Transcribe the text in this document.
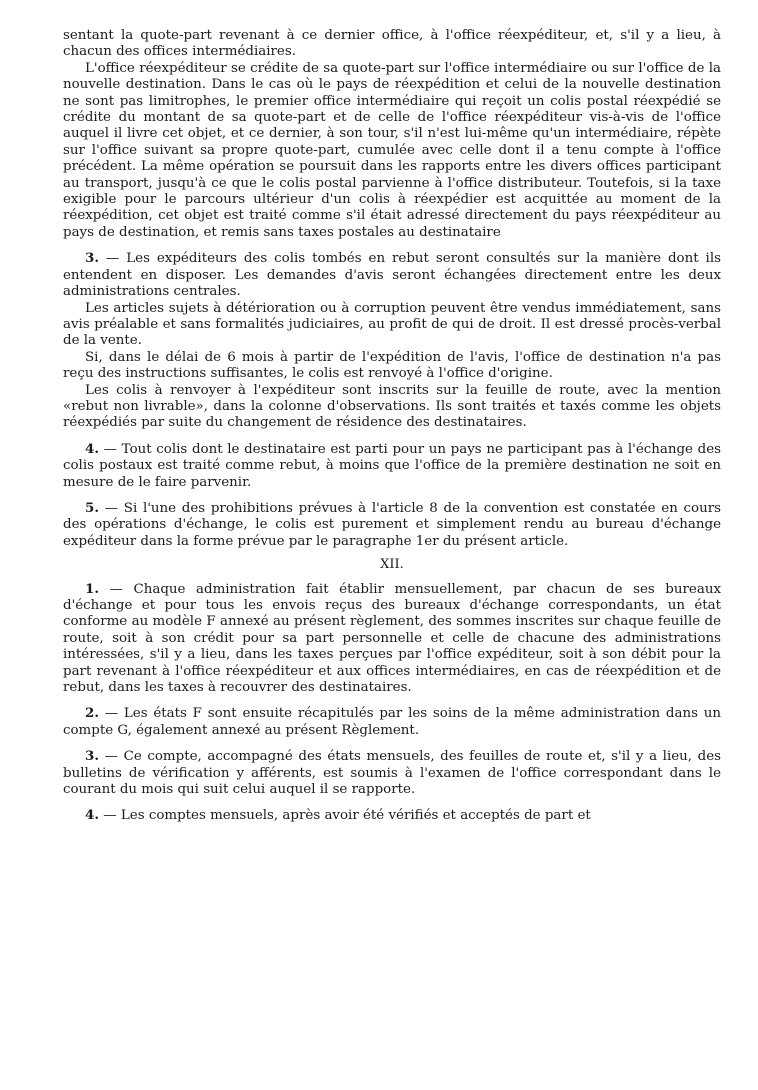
sentant la quote-part revenant à ce dernier office, à l'office réexpéditeur, et, s'il y a lieu, à chacun des offices intermédiaires.

L'office réexpéditeur se crédite de sa quote-part sur l'office intermédiaire ou sur l'office de la nouvelle destination. Dans le cas où le pays de réexpédition et celui de la nouvelle destination ne sont pas limitrophes, le premier office intermédiaire qui reçoit un colis postal réexpédié se crédite du montant de sa quote-part et de celle de l'office réexpéditeur vis-à-vis de l'office auquel il livre cet objet, et ce dernier, à son tour, s'il n'est lui-même qu'un intermédiaire, répète sur l'office suivant sa propre quote-part, cumulée avec celle dont il a tenu compte à l'office précédent. La même opération se poursuit dans les rapports entre les divers offices participant au transport, jusqu'à ce que le colis postal parvienne à l'office distributeur. Toutefois, si la taxe exigible pour le parcours ultérieur d'un colis à réexpédier est acquittée au moment de la réexpédition, cet objet est traité comme s'il était adressé directement du pays réexpéditeur au pays de destination, et remis sans taxes postales au destinataire

3. — Les expéditeurs des colis tombés en rebut seront consultés sur la manière dont ils entendent en disposer. Les demandes d'avis seront échangées directement entre les deux administrations centrales.

Les articles sujets à détérioration ou à corruption peuvent être vendus immédiatement, sans avis préalable et sans formalités judiciaires, au profit de qui de droit. Il est dressé procès-verbal de la vente.

Si, dans le délai de 6 mois à partir de l'expédition de l'avis, l'office de destination n'a pas reçu des instructions suffisantes, le colis est renvoyé à l'office d'origine.

Les colis à renvoyer à l'expéditeur sont inscrits sur la feuille de route, avec la mention «rebut non livrable», dans la colonne d'observations. Ils sont traités et taxés comme les objets réexpédiés par suite du changement de résidence des destinataires.

4. — Tout colis dont le destinataire est parti pour un pays ne participant pas à l'échange des colis postaux est traité comme rebut, à moins que l'office de la première destination ne soit en mesure de le faire parvenir.

5. — Si l'une des prohibitions prévues à l'article 8 de la convention est constatée en cours des opérations d'échange, le colis est purement et simplement rendu au bureau d'échange expéditeur dans la forme prévue par le paragraphe 1er du présent article.

XII.

1. — Chaque administration fait établir mensuellement, par chacun de ses bureaux d'échange et pour tous les envois reçus des bureaux d'échange correspondants, un état conforme au modèle F annexé au présent règlement, des sommes inscrites sur chaque feuille de route, soit à son crédit pour sa part personnelle et celle de chacune des administrations intéressées, s'il y a lieu, dans les taxes perçues par l'office expéditeur, soit à son débit pour la part revenant à l'office réexpéditeur et aux offices intermédiaires, en cas de réexpédition et de rebut, dans les taxes à recouvrer des destinataires.

2. — Les états F sont ensuite récapitulés par les soins de la même administration dans un compte G, également annexé au présent Règlement.

3. — Ce compte, accompagné des états mensuels, des feuilles de route et, s'il y a lieu, des bulletins de vérification y afférents, est soumis à l'examen de l'office correspondant dans le courant du mois qui suit celui auquel il se rapporte.

4. — Les comptes mensuels, après avoir été vérifiés et acceptés de part et
